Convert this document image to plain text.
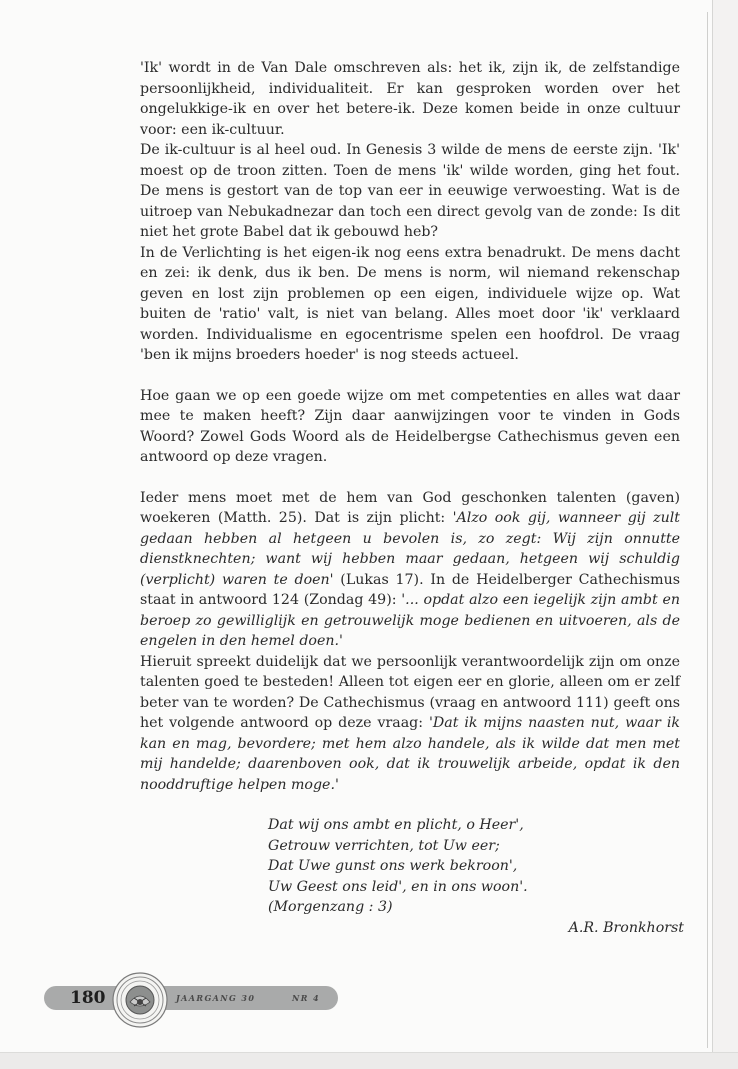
'Ik' wordt in de Van Dale omschreven als: het ik, zijn ik, de zelfstandige persoonlijkheid, individualiteit. Er kan gesproken worden over het ongelukkige-ik en over het betere-ik. Deze komen beide in onze cultuur voor: een ik-cultuur.

De ik-cultuur is al heel oud. In Genesis 3 wilde de mens de eerste zijn. 'Ik' moest op de troon zitten. Toen de mens 'ik' wilde worden, ging het fout. De mens is gestort van de top van eer in eeuwige verwoesting. Wat is de uitroep van Nebukadnezar dan toch een direct gevolg van de zonde: Is dit niet het grote Babel dat ik gebouwd heb?

In de Verlichting is het eigen-ik nog eens extra benadrukt. De mens dacht en zei: ik denk, dus ik ben. De mens is norm, wil niemand rekenschap geven en lost zijn problemen op een eigen, individuele wijze op. Wat buiten de 'ratio' valt, is niet van belang. Alles moet door 'ik' verklaard worden. Individualisme en egocentrisme spelen een hoofdrol. De vraag 'ben ik mijns broeders hoeder' is nog steeds actueel.

Hoe gaan we op een goede wijze om met competenties en alles wat daar mee te maken heeft? Zijn daar aanwijzingen voor te vinden in Gods Woord? Zowel Gods Woord als de Heidelbergse Cathechismus geven een antwoord op deze vragen.

Ieder mens moet met de hem van God geschonken talenten (gaven) woekeren (Matth. 25). Dat is zijn plicht: 'Alzo ook gij, wanneer gij zult gedaan hebben al hetgeen u bevolen is, zo zegt: Wij zijn onnutte dienstknechten; want wij hebben maar gedaan, hetgeen wij schuldig (verplicht) waren te doen' (Lukas 17). In de Heidelberger Cathechismus staat in antwoord 124 (Zondag 49): '... opdat alzo een iegelijk zijn ambt en beroep zo gewilliglijk en getrouwelijk moge bedienen en uitvoeren, als de engelen in den hemel doen.'

Hieruit spreekt duidelijk dat we persoonlijk verantwoordelijk zijn om onze talenten goed te besteden! Alleen tot eigen eer en glorie, alleen om er zelf beter van te worden? De Cathechismus (vraag en antwoord 111) geeft ons het volgende antwoord op deze vraag: 'Dat ik mijns naasten nut, waar ik kan en mag, bevordere; met hem alzo handele, als ik wilde dat men met mij handelde; daarenboven ook, dat ik trouwelijk arbeide, opdat ik den nooddruftige helpen moge.'

Dat wij ons ambt en plicht, o Heer',
Getrouw verrichten, tot Uw eer;
Dat Uwe gunst ons werk bekroon',
Uw Geest ons leid', en in ons woon'.
(Morgenzang : 3)
A.R. Bronkhorst
180	JAARGANG 30	NR 4
